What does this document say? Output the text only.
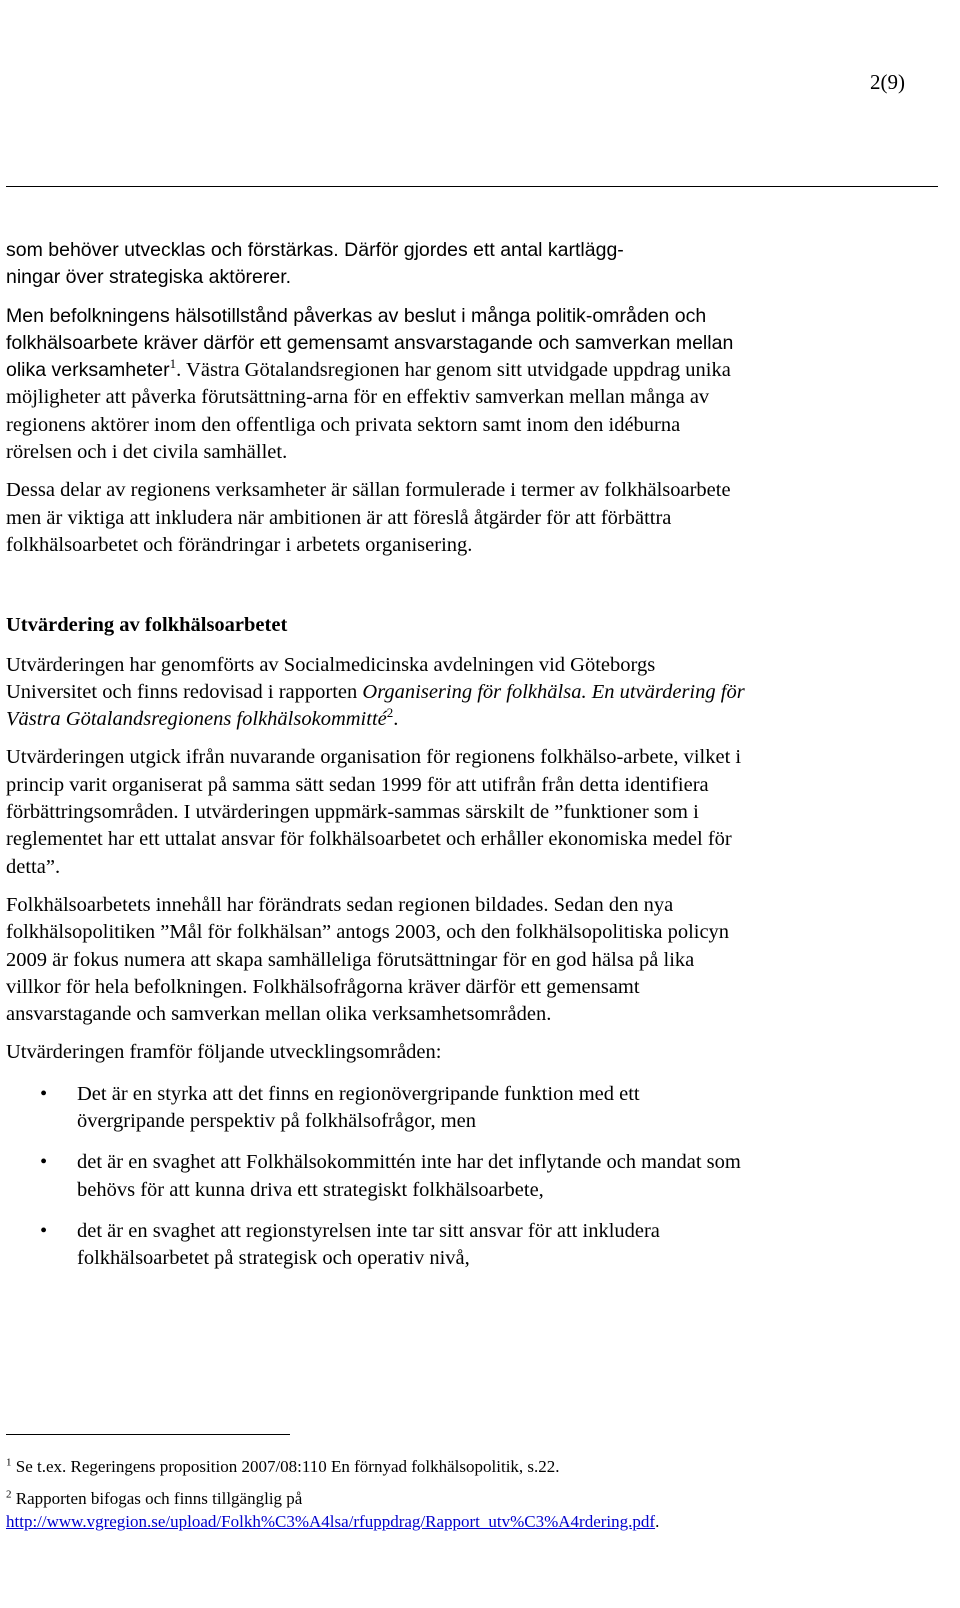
2(9)

som behöver utvecklas och förstärkas. Därför gjordes ett antal kartlägg-

ningar över strategiska aktörerer.

Men befolkningens hälsotillstånd påverkas av beslut i många politik-områden och folkhälsoarbete kräver därför ett gemensamt ansvarstagande och samverkan mellan olika verksamheter$^1$. Västra Götalandsregionen har genom sitt utvidgade uppdrag unika möjligheter att påverka förutsättning-arna för en effektiv samverkan mellan många av regionens aktörer inom den offentliga och privata sektorn samt inom den idéburna rörelsen och i det civila samhället.

Dessa delar av regionens verksamheter är sällan formulerade i termer av folkhälsoarbete men är viktiga att inkludera när ambitionen är att föreslå åtgärder för att förbättra folkhälsoarbetet och förändringar i arbetets organisering.

Utvärdering av folkhälsoarbetet

Utvärderingen har genomförts av Socialmedicinska avdelningen vid Göteborgs Universitet och finns redovisad i rapporten Organisering för folkhälsa. En utvärdering för Västra Götalandsregionens folkhälsokommitté$^2$.

Utvärderingen utgick ifrån nuvarande organisation för regionens folkhälso-arbete, vilket i princip varit organiserat på samma sätt sedan 1999 för att utifrån från detta identifiera förbättringsområden. I utvärderingen uppmärk-sammas särskilt de ”funktioner som i reglementet har ett uttalat ansvar för folkhälsoarbetet och erhåller ekonomiska medel för detta”.

Folkhälsoarbetets innehåll har förändrats sedan regionen bildades. Sedan den nya folkhälsopolitiken ”Mål för folkhälsan” antogs 2003, och den folkhälsopolitiska policyn 2009 är fokus numera att skapa samhälleliga förutsättningar för en god hälsa på lika villkor för hela befolkningen. Folkhälsofrågorna kräver därför ett gemensamt ansvarstagande och samverkan mellan olika verksamhetsområden.

Utvärderingen framför följande utvecklingsområden:

• Det är en styrka att det finns en regionövergripande funktion med ett övergripande perspektiv på folkhälsofrågor, men
• det är en svaghet att Folkhälsokommittén inte har det inflytande och mandat som behövs för att kunna driva ett strategiskt folkhälsoarbete,
• det är en svaghet att regionstyrelsen inte tar sitt ansvar för att inkludera folkhälsoarbetet på strategisk och operativ nivå,

$^1$ Se t.ex. Regeringens proposition 2007/08:110 En förnyad folkhälsopolitik, s.22.

$^2$ Rapporten bifogas och finns tillgänglig på
http://www.vgregion.se/upload/Folkh%C3%A4lsa/rfuppdrag/Rapport_utv%C3%A4rdering.pdf.
